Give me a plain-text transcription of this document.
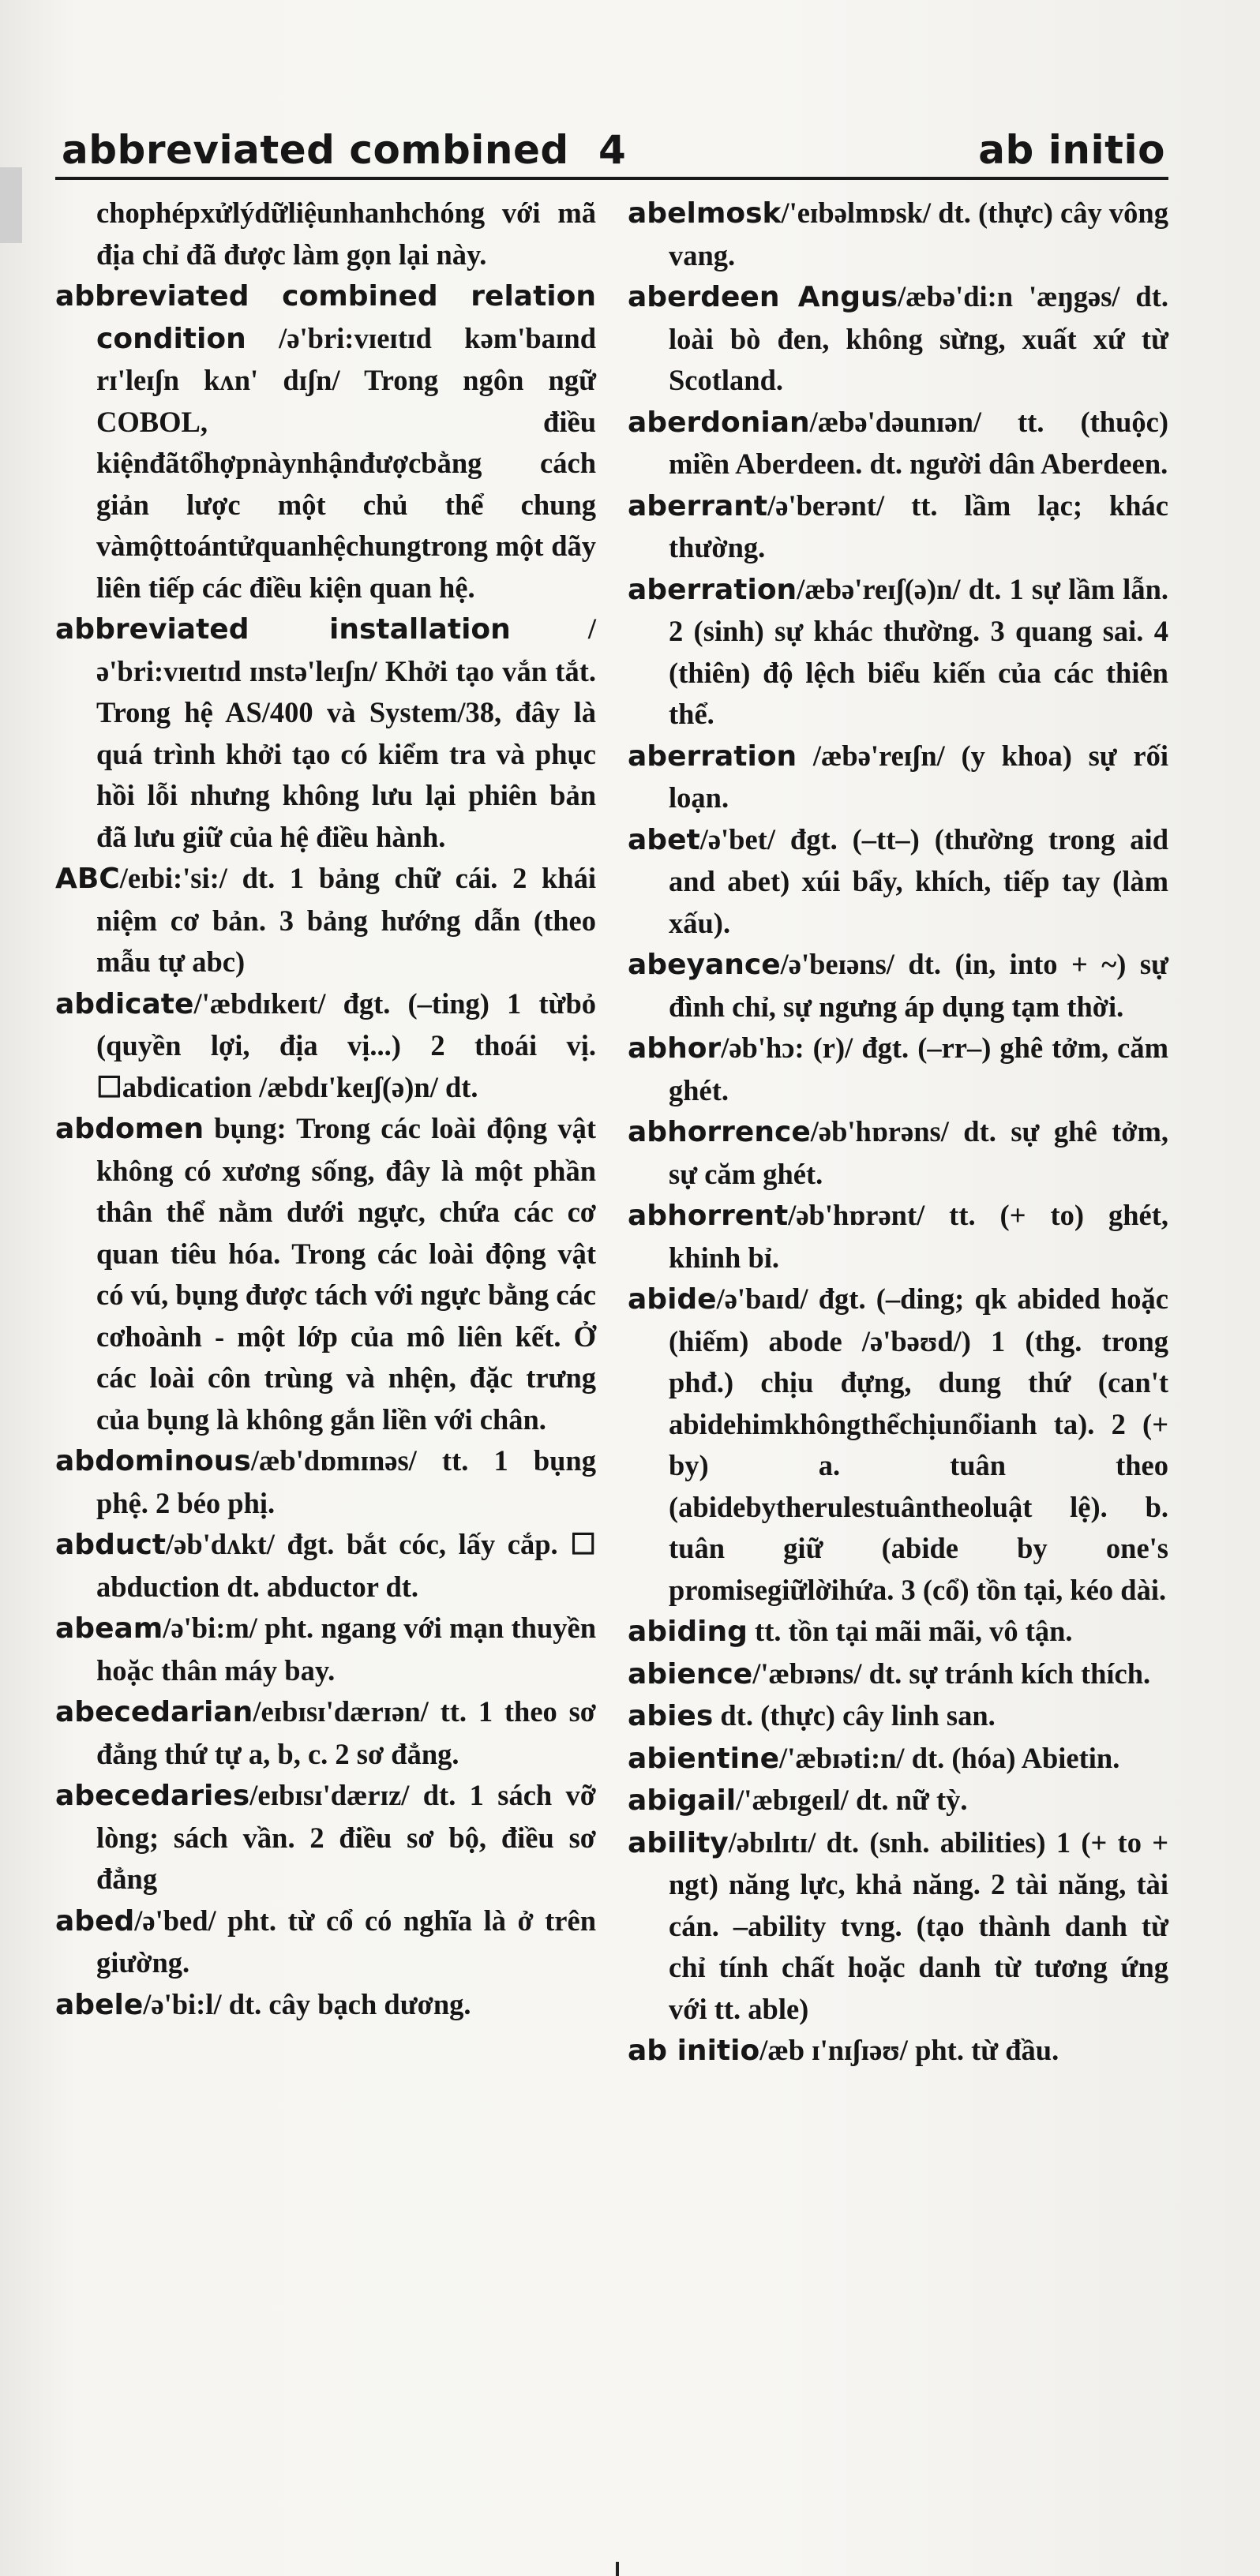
abbreviated combined 4	ab initio
chophépxửlýdữliệunhanhchóng với mã địa chỉ đã được làm gọn lại này.
abbreviated combined relation condition /ə'bri:vɪeɪtɪd kəm'baɪnd rɪ'leɪʃn kʌn' dɪʃn/ Trong ngôn ngữ COBOL, điều kiệnđãtổhợpnàynhậnđượcbằng cách giản lược một chủ thể chung vàmộttoántửquanhệchungtrong một dãy liên tiếp các điều kiện quan hệ.
abbreviated installation /ə'bri:vɪeɪtɪd ɪnstə'leɪʃn/ Khởi tạo vắn tắt. Trong hệ AS/400 và System/38, đây là quá trình khởi tạo có kiểm tra và phục hồi lỗi nhưng không lưu lại phiên bản đã lưu giữ của hệ điều hành.
ABC/eɪbi:'si:/ dt. 1 bảng chữ cái. 2 khái niệm cơ bản. 3 bảng hướng dẫn (theo mẫu tự abc)
abdicate/'æbdɪkeɪt/ đgt. (–ting) 1 từbỏ (quyền lợi, địa vị...) 2 thoái vị. ☐abdication /æbdɪ'keɪʃ(ə)n/ dt.
abdomen bụng: Trong các loài động vật không có xương sống, đây là một phần thân thể nằm dưới ngực, chứa các cơ quan tiêu hóa. Trong các loài động vật có vú, bụng được tách với ngực bằng các cơhoành - một lớp của mô liên kết. Ở các loài côn trùng và nhện, đặc trưng của bụng là không gắn liền với chân.
abdominous/æb'dɒmɪnəs/ tt. 1 bụng phệ. 2 béo phị.
abduct/əb'dʌkt/ đgt. bắt cóc, lấy cắp. ☐ abduction dt. abductor dt.
abeam/ə'bi:m/ pht. ngang với mạn thuyền hoặc thân máy bay.
abecedarian/eɪbɪsɪ'dærɪən/ tt. 1 theo sơ đẳng thứ tự a, b, c. 2 sơ đẳng.
abecedaries/eɪbɪsɪ'dærɪz/ dt. 1 sách vỡ lòng; sách vần. 2 điều sơ bộ, điều sơ đẳng
abed/ə'bed/ pht. từ cổ có nghĩa là ở trên giường.
abele/ə'bi:l/ dt. cây bạch dương.
abelmosk/'eɪbəlmɒsk/ dt. (thực) cây vông vang.
aberdeen Angus/æbə'di:n 'æŋgəs/ dt. loài bò đen, không sừng, xuất xứ từ Scotland.
aberdonian/æbə'dəunɪən/ tt. (thuộc) miền Aberdeen. dt. người dân Aberdeen.
aberrant/ə'berənt/ tt. lầm lạc; khác thường.
aberration/æbə'reɪʃ(ə)n/ dt. 1 sự lầm lẫn. 2 (sinh) sự khác thường. 3 quang sai. 4 (thiên) độ lệch biểu kiến của các thiên thể.
aberration /æbə'reɪʃn/ (y khoa) sự rối loạn.
abet/ə'bet/ đgt. (–tt–) (thường trong aid and abet) xúi bẩy, khích, tiếp tay (làm xấu).
abeyance/ə'beɪəns/ dt. (in, into + ~) sự đình chỉ, sự ngưng áp dụng tạm thời.
abhor/əb'hɔ: (r)/ đgt. (–rr–) ghê tởm, căm ghét.
abhorrence/əb'hɒrəns/ dt. sự ghê tởm, sự căm ghét.
abhorrent/əb'hɒrənt/ tt. (+ to) ghét, khinh bỉ.
abide/ə'baɪd/ đgt. (–ding; qk abided hoặc (hiếm) abode /ə'bəʊd/) 1 (thg. trong phđ.) chịu đựng, dung thứ (can't abidehimkhôngthểchịunổianh ta). 2 (+ by) a. tuân theo (abidebytherulestuântheoluật lệ). b. tuân giữ (abide by one's promisegiữlờihứa. 3 (cổ) tồn tại, kéo dài.
abiding tt. tồn tại mãi mãi, vô tận.
abience/'æbɪəns/ dt. sự tránh kích thích.
abies dt. (thực) cây linh san.
abientine/'æbɪəti:n/ dt. (hóa) Abietin.
abigail/'æbɪgeɪl/ dt. nữ tỳ.
ability/əbɪlɪtɪ/ dt. (snh. abilities) 1 (+ to + ngt) năng lực, khả năng. 2 tài năng, tài cán. –ability tvng. (tạo thành danh từ chỉ tính chất hoặc danh từ tương ứng với tt. able)
ab initio/æb ɪ'nɪʃɪəʊ/ pht. từ đầu.
